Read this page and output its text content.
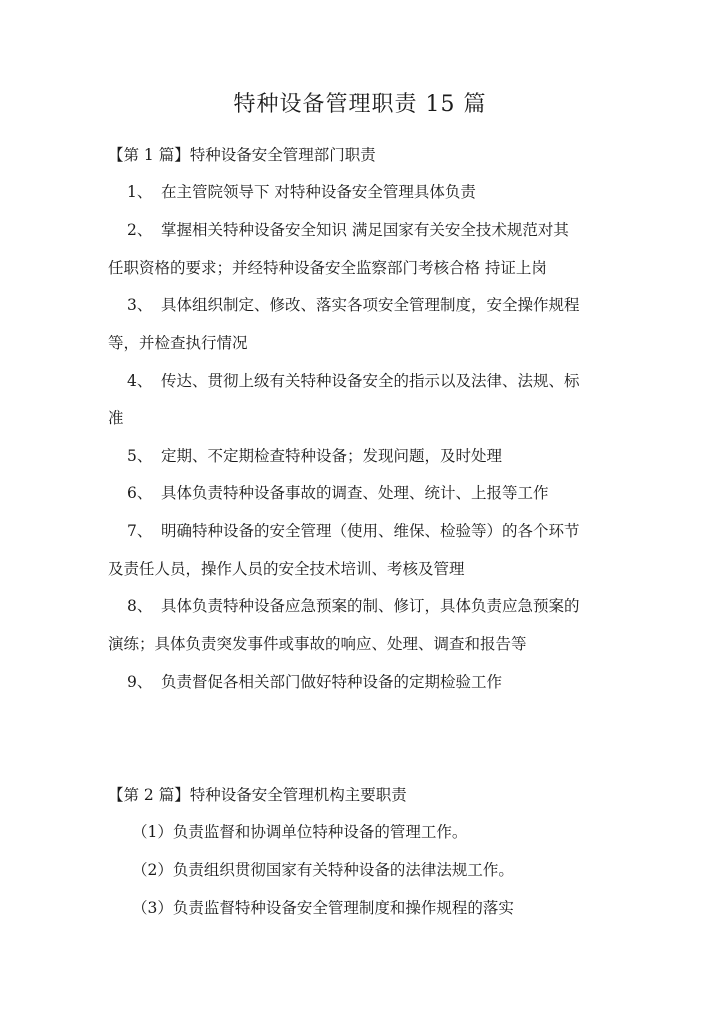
特种设备管理职责 15 篇

【第 1 篇】特种设备安全管理部门职责

1、 在主管院领导下 对特种设备安全管理具体负责

2、 掌握相关特种设备安全知识 满足国家有关安全技术规范对其

任职资格的要求；并经特种设备安全监察部门考核合格 持证上岗

3、 具体组织制定、修改、落实各项安全管理制度，安全操作规程

等，并检查执行情况

4、 传达、贯彻上级有关特种设备安全的指示以及法律、法规、标

准

5、 定期、不定期检查特种设备；发现问题，及时处理

6、 具体负责特种设备事故的调查、处理、统计、上报等工作

7、 明确特种设备的安全管理（使用、维保、检验等）的各个环节

及责任人员，操作人员的安全技术培训、考核及管理

8、 具体负责特种设备应急预案的制、修订，具体负责应急预案的

演练；具体负责突发事件或事故的响应、处理、调查和报告等

9、 负责督促各相关部门做好特种设备的定期检验工作

【第 2 篇】特种设备安全管理机构主要职责

（1）负责监督和协调单位特种设备的管理工作。

（2）负责组织贯彻国家有关特种设备的法律法规工作。

（3）负责监督特种设备安全管理制度和操作规程的落实
